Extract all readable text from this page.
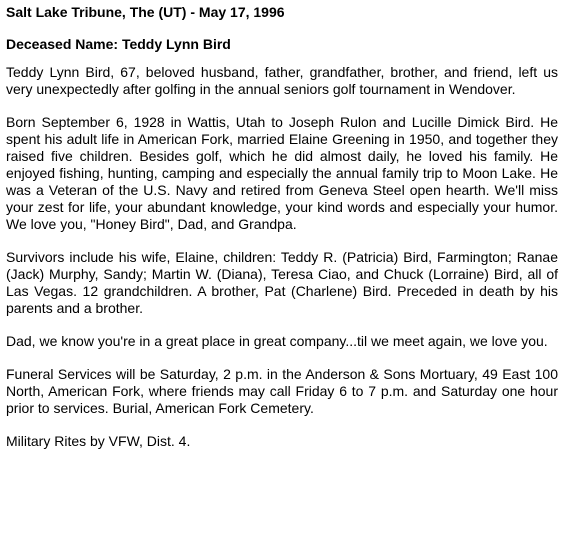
Salt Lake Tribune, The (UT) - May 17, 1996
Deceased Name: Teddy Lynn Bird

Teddy Lynn Bird, 67, beloved husband, father, grandfather, brother, and friend, left us very unexpectedly after golfing in the annual seniors golf tournament in Wendover.

Born September 6, 1928 in Wattis, Utah to Joseph Rulon and Lucille Dimick Bird. He spent his adult life in American Fork, married Elaine Greening in 1950, and together they raised five children. Besides golf, which he did almost daily, he loved his family. He enjoyed fishing, hunting, camping and especially the annual family trip to Moon Lake. He was a Veteran of the U.S. Navy and retired from Geneva Steel open hearth. We'll miss your zest for life, your abundant knowledge, your kind words and especially your humor. We love you, "Honey Bird", Dad, and Grandpa.

Survivors include his wife, Elaine, children: Teddy R. (Patricia) Bird, Farmington; Ranae (Jack) Murphy, Sandy; Martin W. (Diana), Teresa Ciao, and Chuck (Lorraine) Bird, all of Las Vegas. 12 grandchildren. A brother, Pat (Charlene) Bird. Preceded in death by his parents and a brother.

Dad, we know you're in a great place in great company...til we meet again, we love you.

Funeral Services will be Saturday, 2 p.m. in the Anderson & Sons Mortuary, 49 East 100 North, American Fork, where friends may call Friday 6 to 7 p.m. and Saturday one hour prior to services. Burial, American Fork Cemetery.

Military Rites by VFW, Dist. 4.
